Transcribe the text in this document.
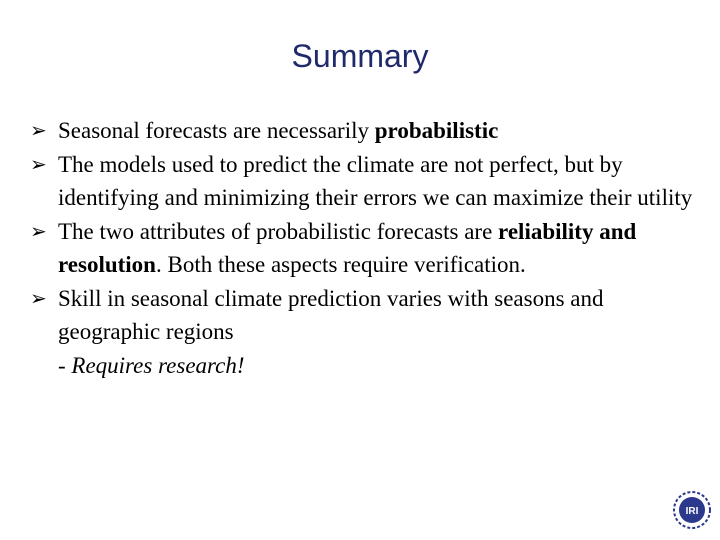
Summary
➢ Seasonal forecasts are necessarily probabilistic
➢ The models used to predict the climate are not perfect, but by identifying and minimizing their errors we can maximize their utility
➢ The two attributes of probabilistic forecasts are reliability and resolution. Both these aspects require verification.
➢ Skill in seasonal climate prediction varies with seasons and geographic regions
- Requires research!
IRI
